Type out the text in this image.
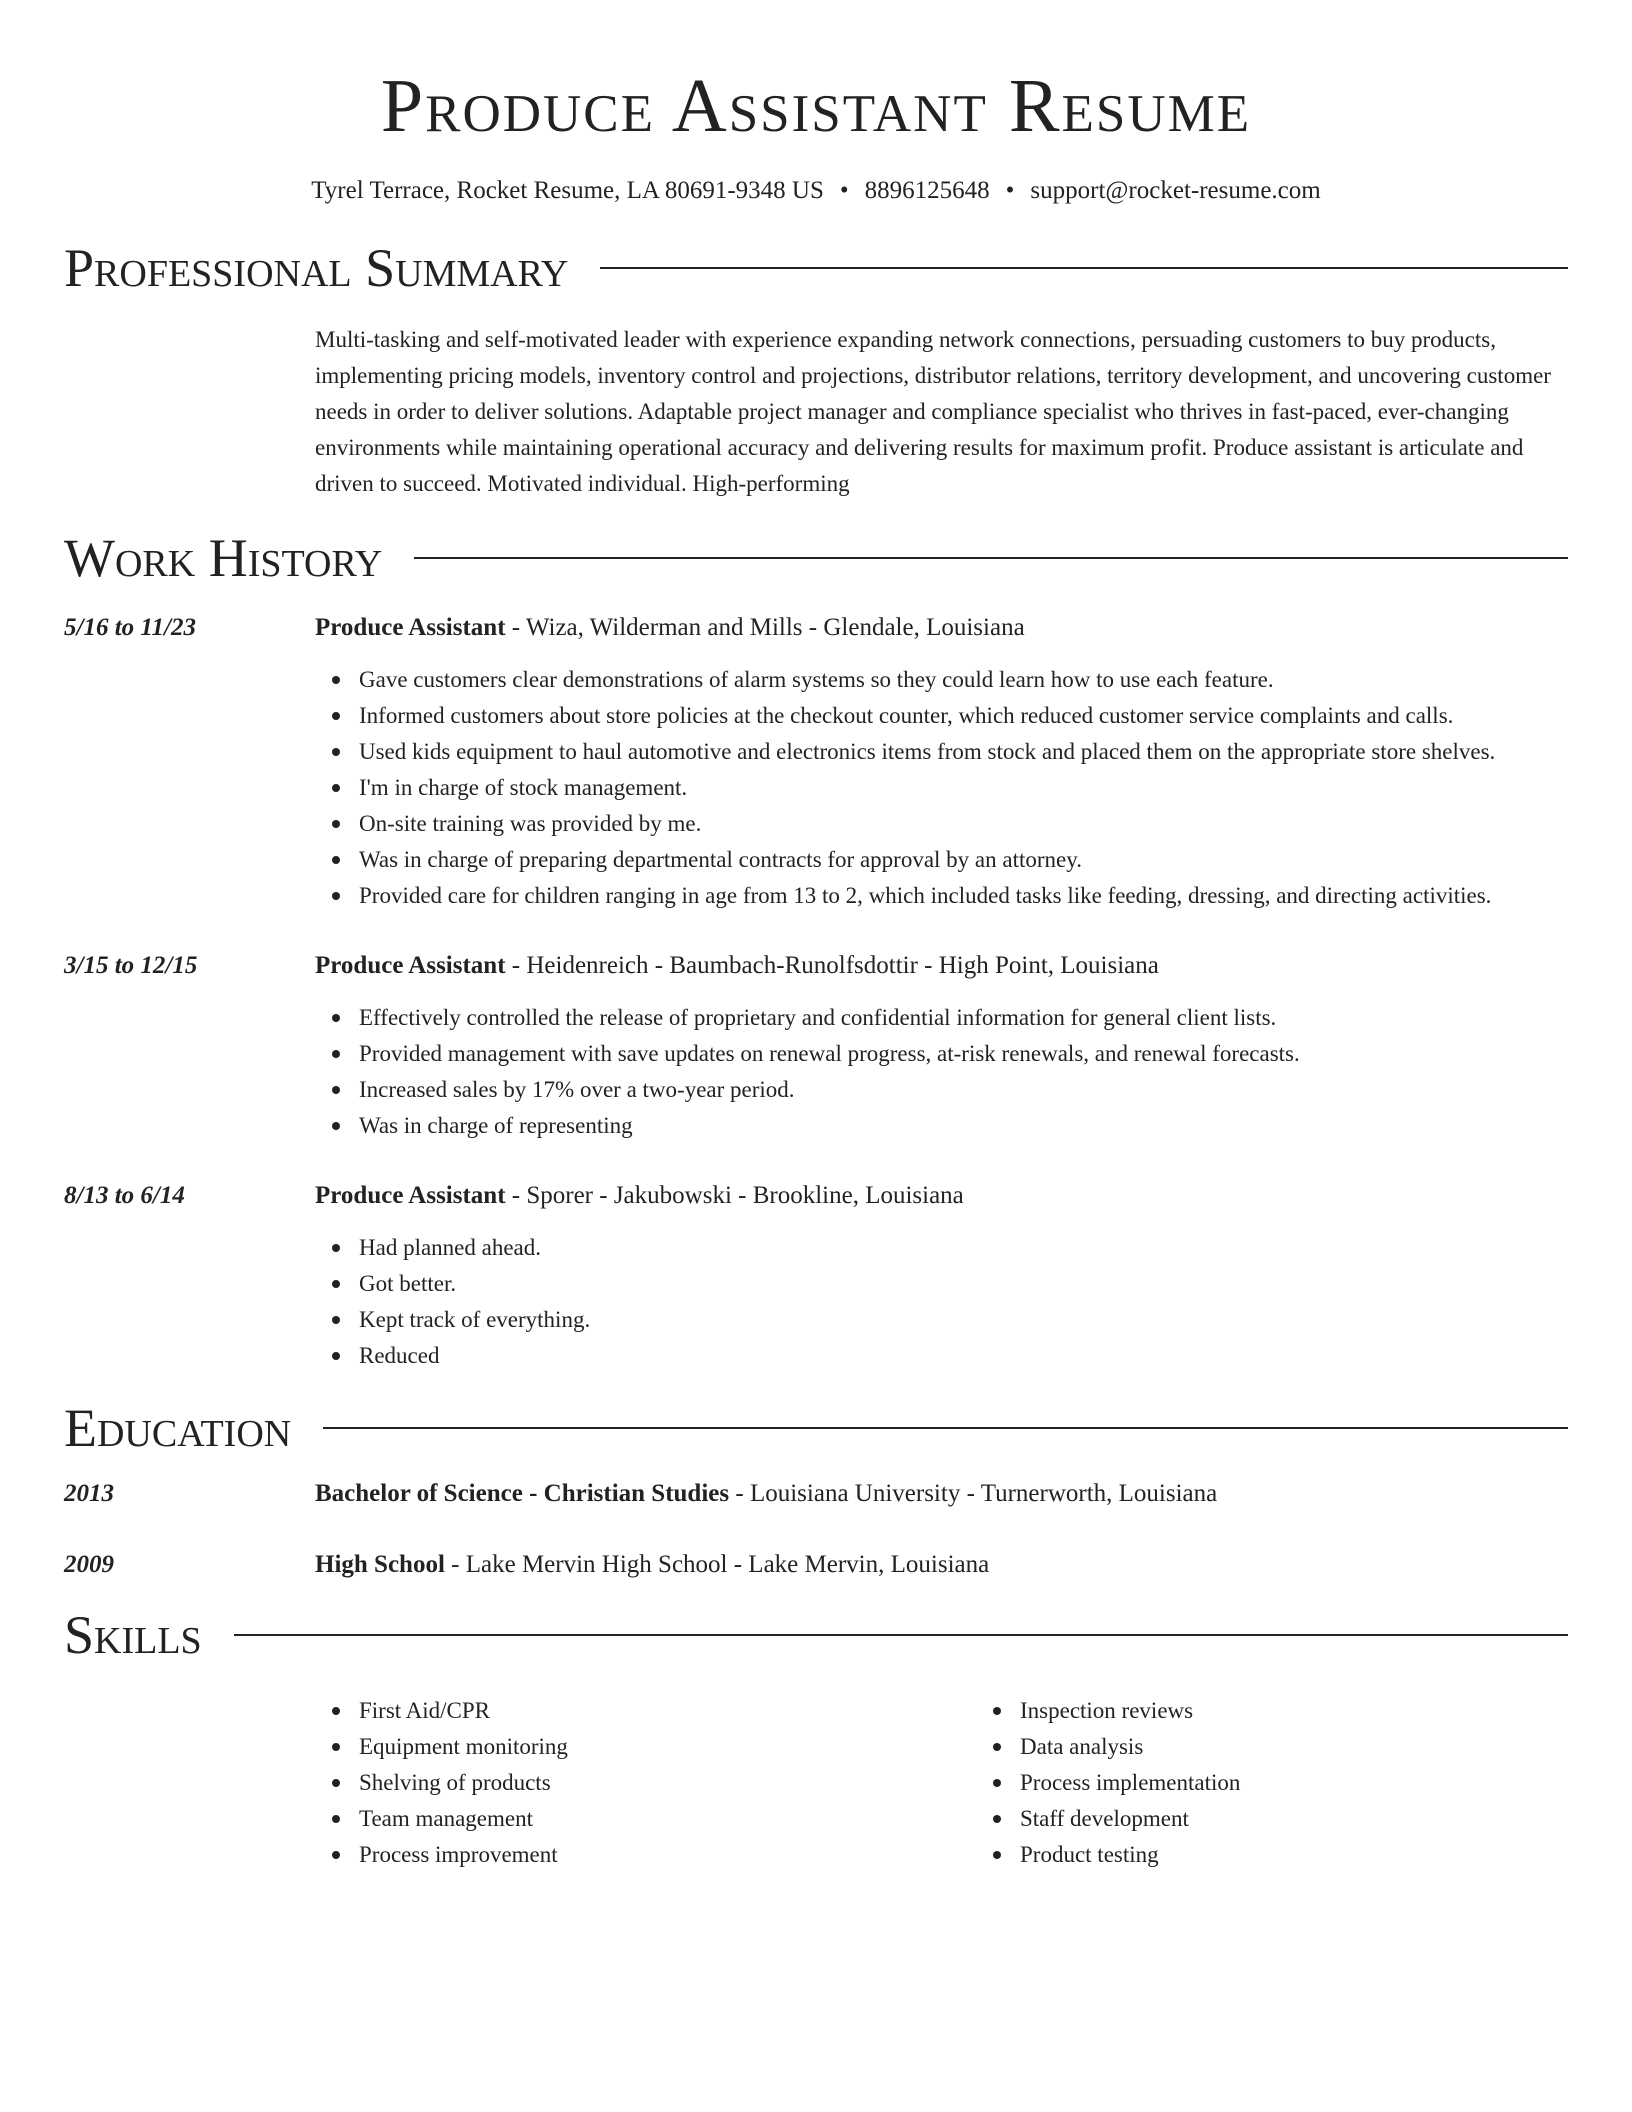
Produce Assistant Resume
Tyrel Terrace, Rocket Resume, LA 80691-9348 US • 8896125648 • support@rocket-resume.com
Professional Summary
Multi-tasking and self-motivated leader with experience expanding network connections, persuading customers to buy products, implementing pricing models, inventory control and projections, distributor relations, territory development, and uncovering customer needs in order to deliver solutions. Adaptable project manager and compliance specialist who thrives in fast-paced, ever-changing environments while maintaining operational accuracy and delivering results for maximum profit. Produce assistant is articulate and driven to succeed. Motivated individual. High-performing
Work History
5/16 to 11/23	Produce Assistant - Wiza, Wilderman and Mills - Glendale, Louisiana
Gave customers clear demonstrations of alarm systems so they could learn how to use each feature.
Informed customers about store policies at the checkout counter, which reduced customer service complaints and calls.
Used kids equipment to haul automotive and electronics items from stock and placed them on the appropriate store shelves.
I'm in charge of stock management.
On-site training was provided by me.
Was in charge of preparing departmental contracts for approval by an attorney.
Provided care for children ranging in age from 13 to 2, which included tasks like feeding, dressing, and directing activities.
3/15 to 12/15	Produce Assistant - Heidenreich - Baumbach-Runolfsdottir - High Point, Louisiana
Effectively controlled the release of proprietary and confidential information for general client lists.
Provided management with save updates on renewal progress, at-risk renewals, and renewal forecasts.
Increased sales by 17% over a two-year period.
Was in charge of representing
8/13 to 6/14	Produce Assistant - Sporer - Jakubowski - Brookline, Louisiana
Had planned ahead.
Got better.
Kept track of everything.
Reduced
Education
2013	Bachelor of Science - Christian Studies - Louisiana University - Turnerworth, Louisiana
2009	High School - Lake Mervin High School - Lake Mervin, Louisiana
Skills
First Aid/CPR
Equipment monitoring
Shelving of products
Team management
Process improvement
Inspection reviews
Data analysis
Process implementation
Staff development
Product testing
